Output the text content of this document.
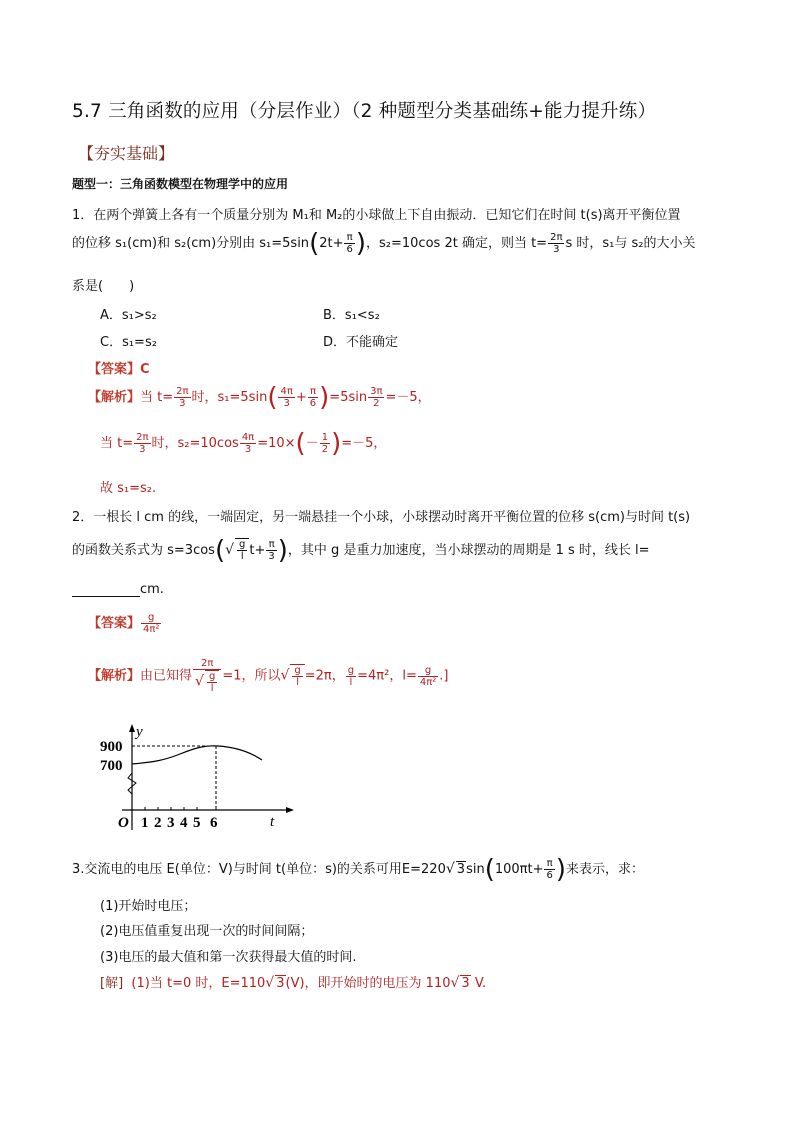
5.7 三角函数的应用（分层作业）（2 种题型分类基础练+能力提升练）
【夯实基础】
题型一：三角函数模型在物理学中的应用
1．在两个弹簧上各有一个质量分别为 M₁和 M₂的小球做上下自由振动．已知它们在时间 t(s)离开平衡位置
的位移 s₁(cm)和 s₂(cm)分别由 $s_1=5\sin(2t+ \frac{\pi}{6}$ )，s₂=10cos 2t 确定，则当 $t= \frac{2\pi}{3}$ s 时，s₁与 s₂的大小关
系是(　　)
A．s₁>s₂	B．s₁<s₂
C．s₁=s₂	D．不能确定
【答案】C
【解析】当 $t= \frac{2\pi}{3}$ 时，$s_1=5\sin( \frac{4\pi}{3} + \frac{\pi}{6} )=5\sin \frac{3\pi}{2} =-5$，
当 $t= \frac{2\pi}{3}$ 时，$s_2=10\cos \frac{4\pi}{3} =10\times(- \frac{1}{2} )=-5$，
故 s₁=s₂.
2．一根长 l cm 的线，一端固定，另一端悬挂一个小球，小球摆动时离开平衡位置的位移 s(cm)与时间 t(s)
的函数关系式为 $s=3\cos(√ \frac{g}{l} t+ \frac{\pi}{3}$ )，其中 g 是重力加速度，当小球摆动的周期是 1 s 时，线长 l=
cm.
【答案】 $\frac{g}{\text{4π²}}$
【解析】由已知得 $\frac{2\pi}{√ \frac{g}{l}} =1$，所以√ $\frac{g}{l} =2\pi$， $\frac{g}{l} =4\pi^2$，$l= \frac{g}{\text{4π²}}$ .]
y
900
700
O 1 2 3 4 5 6	t
3.交流电的电压 E(单位：V)与时间 t(单位：s)的关系可用E=220√ $3\sin(100\pi t+ \frac{\pi}{6}$ )来表示，求：
(1)开始时电压；
(2)电压值重复出现一次的时间间隔；
(3)电压的最大值和第一次获得最大值的时间.
[解] (1)当 t=0 时，E=110√ 3(V)，即开始时的电压为 110√ 3 V.
